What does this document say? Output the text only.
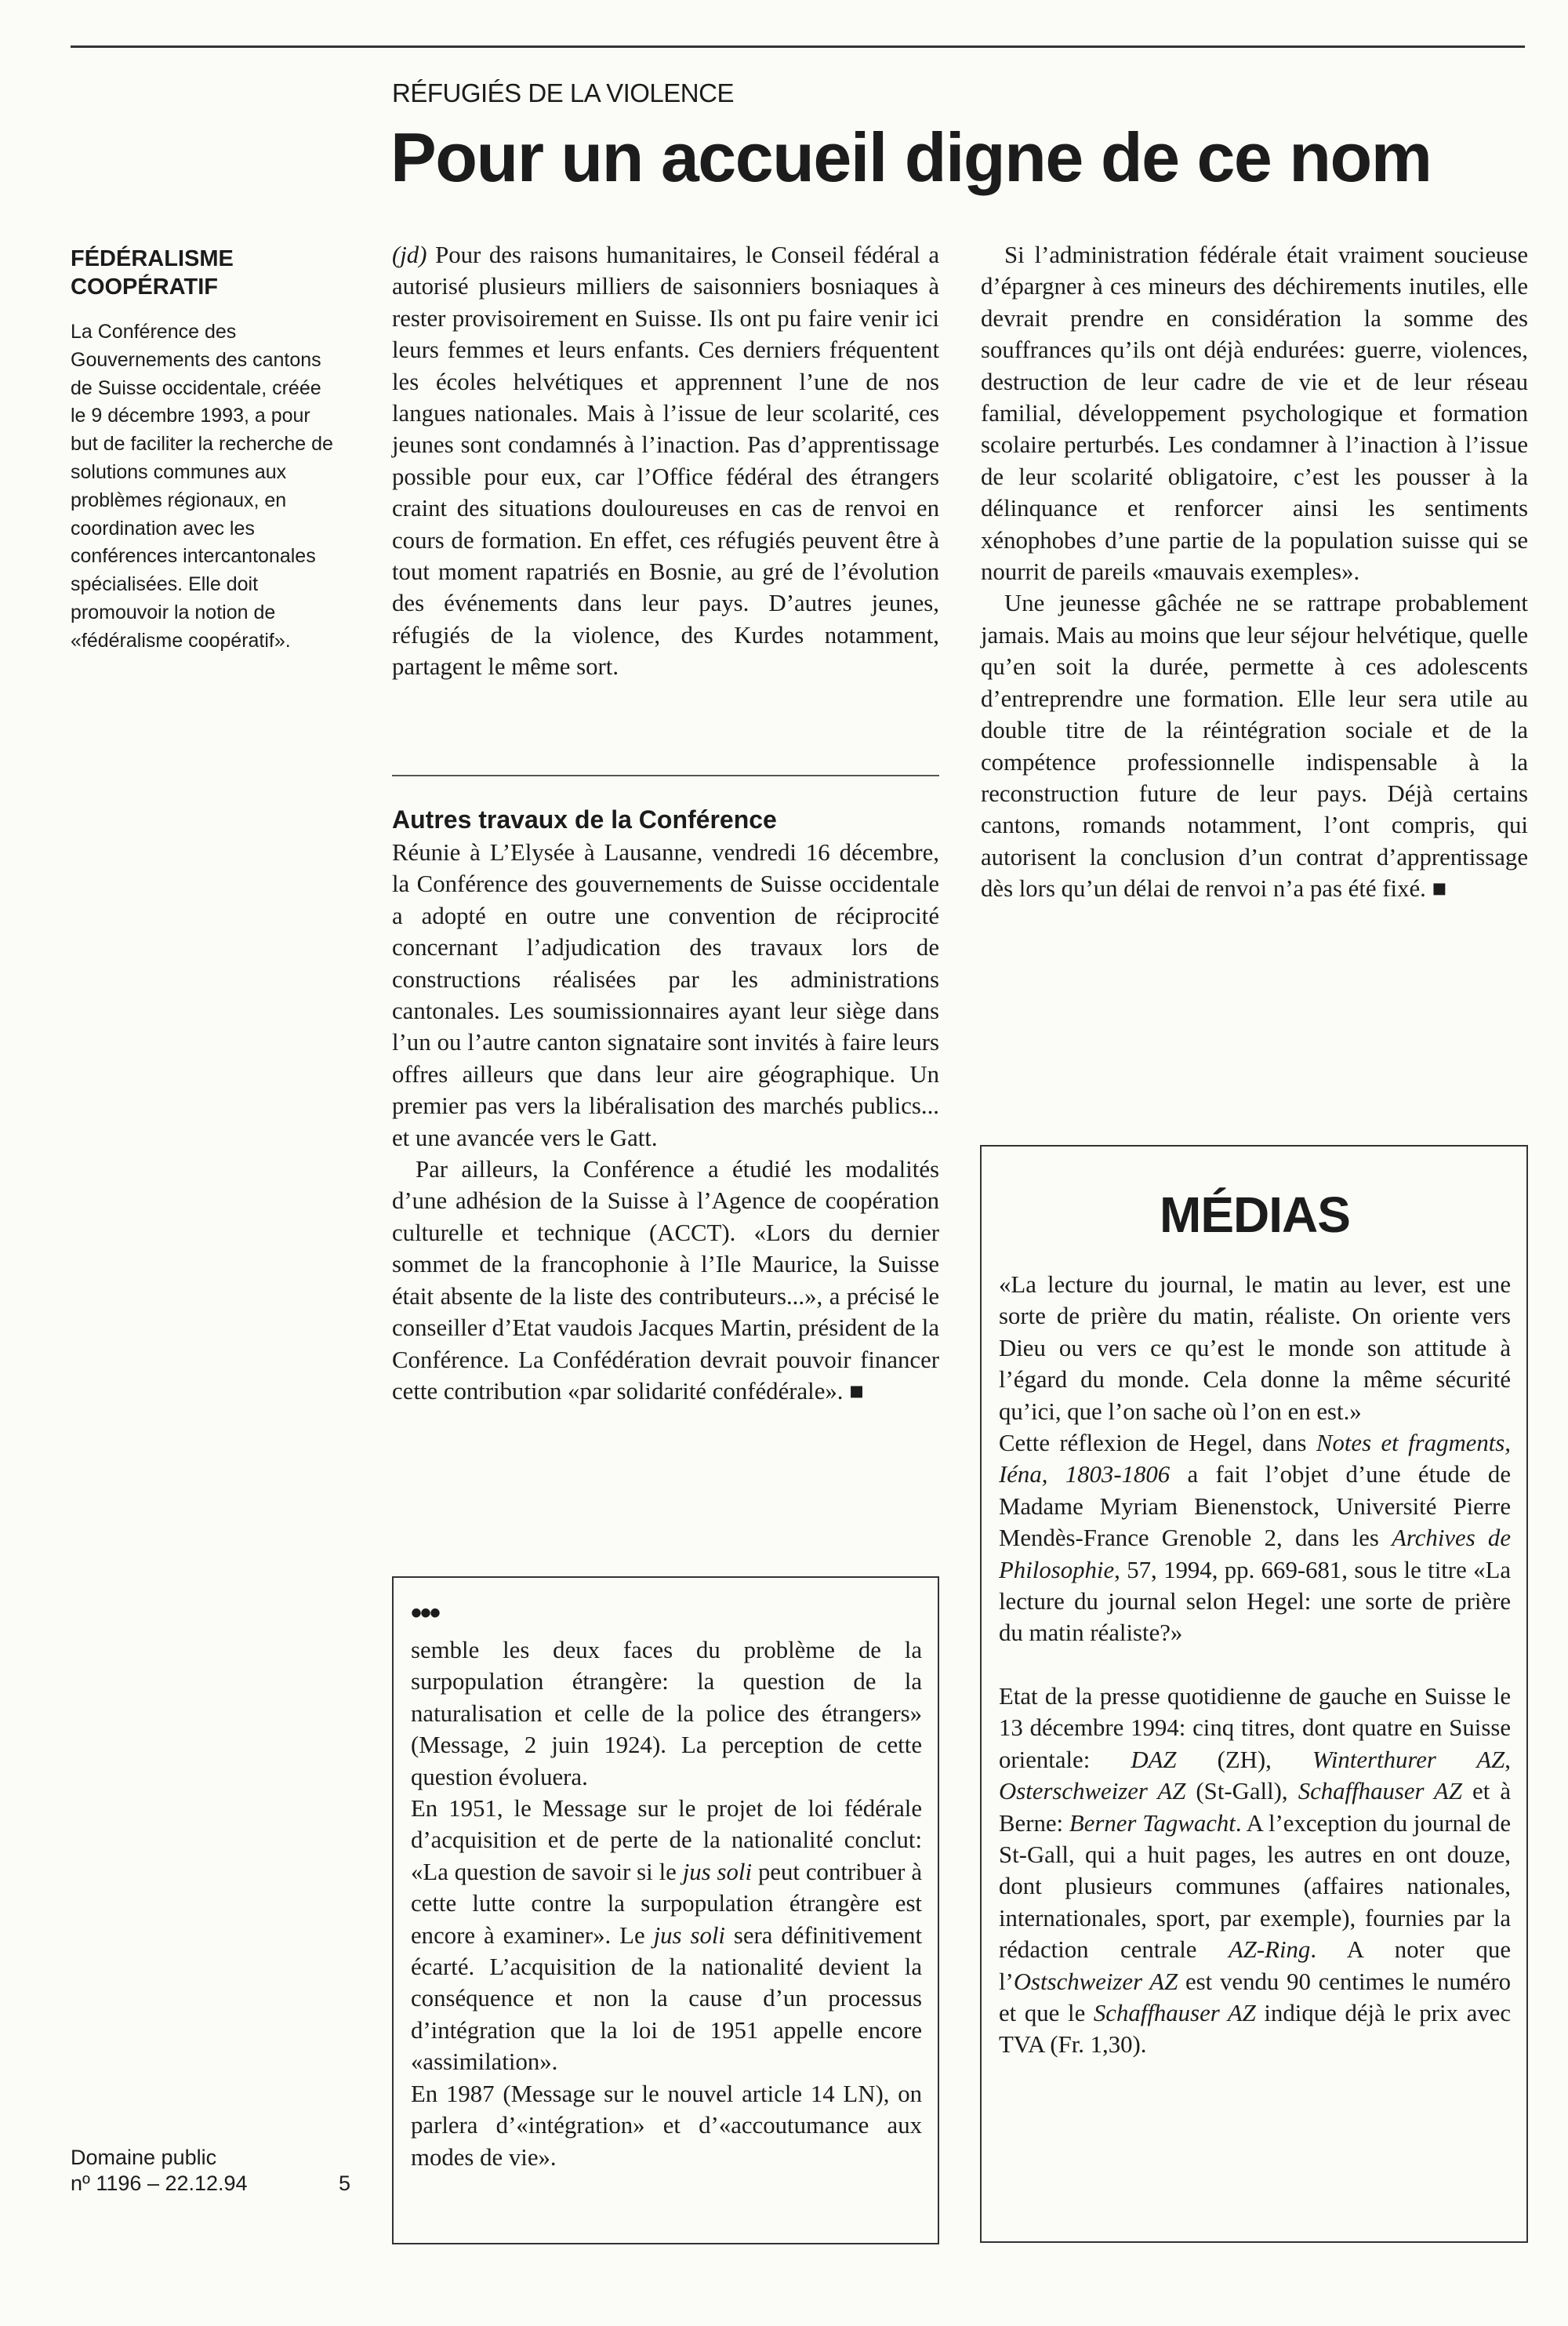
RÉFUGIÉS DE LA VIOLENCE
Pour un accueil digne de ce nom
FÉDÉRALISME COOPÉRATIF
La Conférence des Gouvernements des cantons de Suisse occidentale, créée le 9 décembre 1993, a pour but de faciliter la recherche de solutions communes aux problèmes régionaux, en coordination avec les conférences intercantonales spécialisées. Elle doit promouvoir la notion de «fédéralisme coopératif».

(jd) Pour des raisons humanitaires, le Conseil fédéral a autorisé plusieurs milliers de saisonniers bosniaques à rester provisoirement en Suisse. Ils ont pu faire venir ici leurs femmes et leurs enfants. Ces derniers fréquentent les écoles helvétiques et apprennent l’une de nos langues nationales. Mais à l’issue de leur scolarité, ces jeunes sont condamnés à l’inaction. Pas d’apprentissage possible pour eux, car l’Office fédéral des étrangers craint des situations douloureuses en cas de renvoi en cours de formation. En effet, ces réfugiés peuvent être à tout moment rapatriés en Bosnie, au gré de l’évolution des événements dans leur pays. D’autres jeunes, réfugiés de la violence, des Kurdes notamment, partagent le même sort.

Si l’administration fédérale était vraiment soucieuse d’épargner à ces mineurs des déchirements inutiles, elle devrait prendre en considération la somme des souffrances qu’ils ont déjà endurées: guerre, violences, destruction de leur cadre de vie et de leur réseau familial, développement psychologique et formation scolaire perturbés. Les condamner à l’inaction à l’issue de leur scolarité obligatoire, c’est les pousser à la délinquance et renforcer ainsi les sentiments xénophobes d’une partie de la population suisse qui se nourrit de pareils «mauvais exemples».

Une jeunesse gâchée ne se rattrape probablement jamais. Mais au moins que leur séjour helvétique, quelle qu’en soit la durée, permette à ces adolescents d’entreprendre une formation. Elle leur sera utile au double titre de la réintégration sociale et de la compétence professionnelle indispensable à la reconstruction future de leur pays. Déjà certains cantons, romands notamment, l’ont compris, qui autorisent la conclusion d’un contrat d’apprentissage dès lors qu’un délai de renvoi n’a pas été fixé. ■

Autres travaux de la Conférence

Réunie à L’Elysée à Lausanne, vendredi 16 décembre, la Conférence des gouvernements de Suisse occidentale a adopté en outre une convention de réciprocité concernant l’adjudication des travaux lors de constructions réalisées par les administrations cantonales. Les soumissionnaires ayant leur siège dans l’un ou l’autre canton signataire sont invités à faire leurs offres ailleurs que dans leur aire géographique. Un premier pas vers la libéralisation des marchés publics... et une avancée vers le Gatt.

Par ailleurs, la Conférence a étudié les modalités d’une adhésion de la Suisse à l’Agence de coopération culturelle et technique (ACCT). «Lors du dernier sommet de la francophonie à l’Ile Maurice, la Suisse était absente de la liste des contributeurs...», a précisé le conseiller d’Etat vaudois Jacques Martin, président de la Conférence. La Confédération devrait pouvoir financer cette contribution «par solidarité confédérale». ■

•••

semble les deux faces du problème de la surpopulation étrangère: la question de la naturalisation et celle de la police des étrangers» (Message, 2 juin 1924). La perception de cette question évoluera.

En 1951, le Message sur le projet de loi fédérale d’acquisition et de perte de la nationalité conclut: «La question de savoir si le jus soli peut contribuer à cette lutte contre la surpopulation étrangère est encore à examiner». Le jus soli sera définitivement écarté. L’acquisition de la nationalité devient la conséquence et non la cause d’un processus d’intégration que la loi de 1951 appelle encore «assimilation».

En 1987 (Message sur le nouvel article 14 LN), on parlera d’«intégration» et d’«accoutumance aux modes de vie».

MÉDIAS

«La lecture du journal, le matin au lever, est une sorte de prière du matin, réaliste. On oriente vers Dieu ou vers ce qu’est le monde son attitude à l’égard du monde. Cela donne la même sécurité qu’ici, que l’on sache où l’on en est.»

Cette réflexion de Hegel, dans Notes et fragments, Iéna, 1803-1806 a fait l’objet d’une étude de Madame Myriam Bienenstock, Université Pierre Mendès-France Grenoble 2, dans les Archives de Philosophie, 57, 1994, pp. 669-681, sous le titre «La lecture du journal selon Hegel: une sorte de prière du matin réaliste?»

Etat de la presse quotidienne de gauche en Suisse le 13 décembre 1994: cinq titres, dont quatre en Suisse orientale: DAZ (ZH), Winterthurer AZ, Osterschweizer AZ (St-Gall), Schaffhauser AZ et à Berne: Berner Tagwacht. A l’exception du journal de St-Gall, qui a huit pages, les autres en ont douze, dont plusieurs communes (affaires nationales, internationales, sport, par exemple), fournies par la rédaction centrale AZ-Ring. A noter que l’Ostschweizer AZ est vendu 90 centimes le numéro et que le Schaffhauser AZ indique déjà le prix avec TVA (Fr. 1,30).

Domaine public
nº 1196 – 22.12.94	5
